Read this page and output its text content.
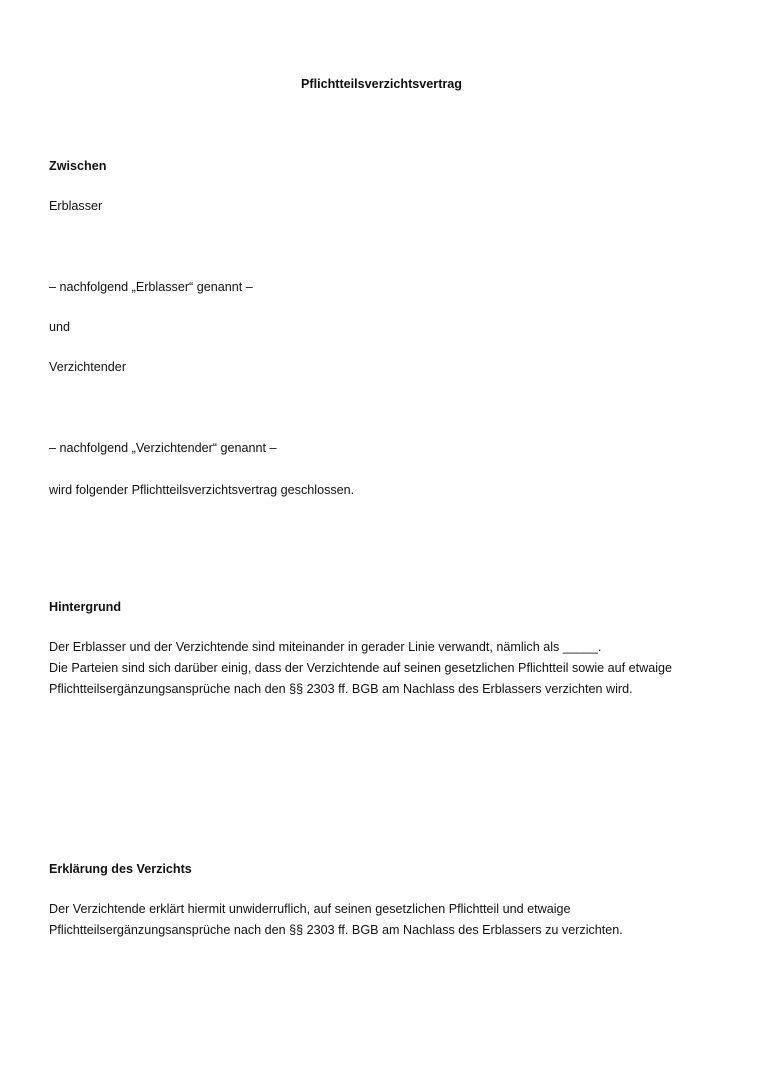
Pflichtteilsverzichtsvertrag
Zwischen
Erblasser
– nachfolgend „Erblasser“ genannt –
und
Verzichtender
– nachfolgend „Verzichtender“ genannt –
wird folgender Pflichtteilsverzichtsvertrag geschlossen.
Hintergrund
Der Erblasser und der Verzichtende sind miteinander in gerader Linie verwandt, nämlich als _____.
Die Parteien sind sich darüber einig, dass der Verzichtende auf seinen gesetzlichen Pflichtteil sowie auf etwaige Pflichtteilsergänzungsansprüche nach den §§ 2303 ff. BGB am Nachlass des Erblassers verzichten wird.
Erklärung des Verzichts
Der Verzichtende erklärt hiermit unwiderruflich, auf seinen gesetzlichen Pflichtteil und etwaige Pflichtteilsergänzungsansprüche nach den §§ 2303 ff. BGB am Nachlass des Erblassers zu verzichten.
